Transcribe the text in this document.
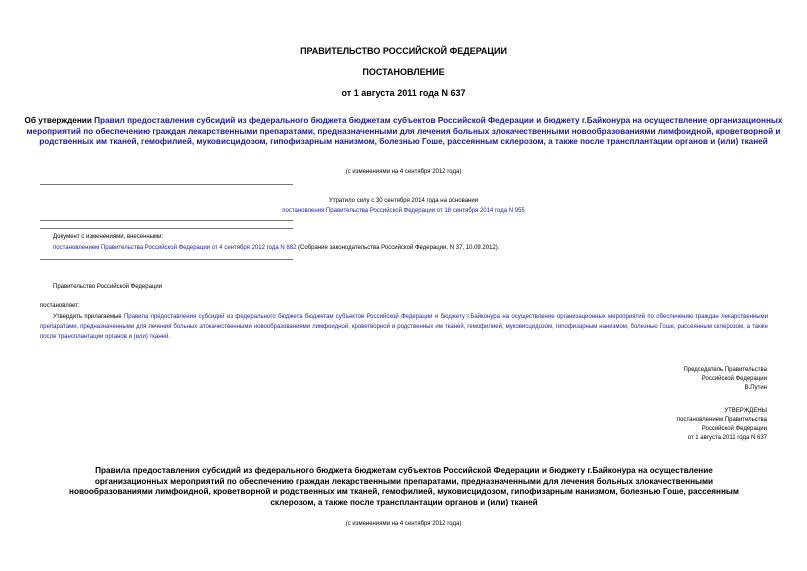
ПРАВИТЕЛЬСТВО РОССИЙСКОЙ ФЕДЕРАЦИИ
ПОСТАНОВЛЕНИЕ
от 1 августа 2011 года N 637
Об утверждении Правил предоставления субсидий из федерального бюджета бюджетам субъектов Российской Федерации и бюджету г.Байконура на осуществление организационных мероприятий по обеспечению граждан лекарственными препаратами, предназначенными для лечения больных злокачественными новообразованиями лимфоидной, кроветворной и родственных им тканей, гемофилией, муковисцидозом, гипофизарным нанизмом, болезнью Гоше, рассеянным склерозом, а также после трансплантации органов и (или) тканей
(с изменениями на 4 сентября 2012 года)
Утратило силу с 30 сентября 2014 года на основании
постановления Правительства Российской Федерации от 18 сентября 2014 года N 955
Документ с изменениями, внесенными:
постановлением Правительства Российской Федерации от 4 сентября 2012 года N 882 (Собрание законодательства Российской Федерации, N 37, 10.09.2012).
Правительство Российской Федерации
постановляет:
Утвердить прилагаемые Правила предоставления субсидий из федерального бюджета бюджетам субъектов Российской Федерации и бюджету г.Байконура на осуществление организационных мероприятий по обеспечению граждан лекарственными препаратами, предназначенными для лечения больных злокачественными новообразованиями лимфоидной, кроветворной и родственных им тканей, гемофилией, муковисцидозом, гипофизарным нанизмом, болезнью Гоше, рассеянным склерозом, а также после трансплантации органов и (или) тканей.
Председатель Правительства
Российской Федерации
В.Путин
УТВЕРЖДЕНЫ
постановлением Правительства
Российской Федерации
от 1 августа 2011 года N 637
Правила предоставления субсидий из федерального бюджета бюджетам субъектов Российской Федерации и бюджету г.Байконура на осуществление организационных мероприятий по обеспечению граждан лекарственными препаратами, предназначенными для лечения больных злокачественными новообразованиями лимфоидной, кроветворной и родственных им тканей, гемофилией, муковисцидозом, гипофизарным нанизмом, болезнью Гоше, рассеянным склерозом, а также после трансплантации органов и (или) тканей
(с изменениями на 4 сентября 2012 года)
